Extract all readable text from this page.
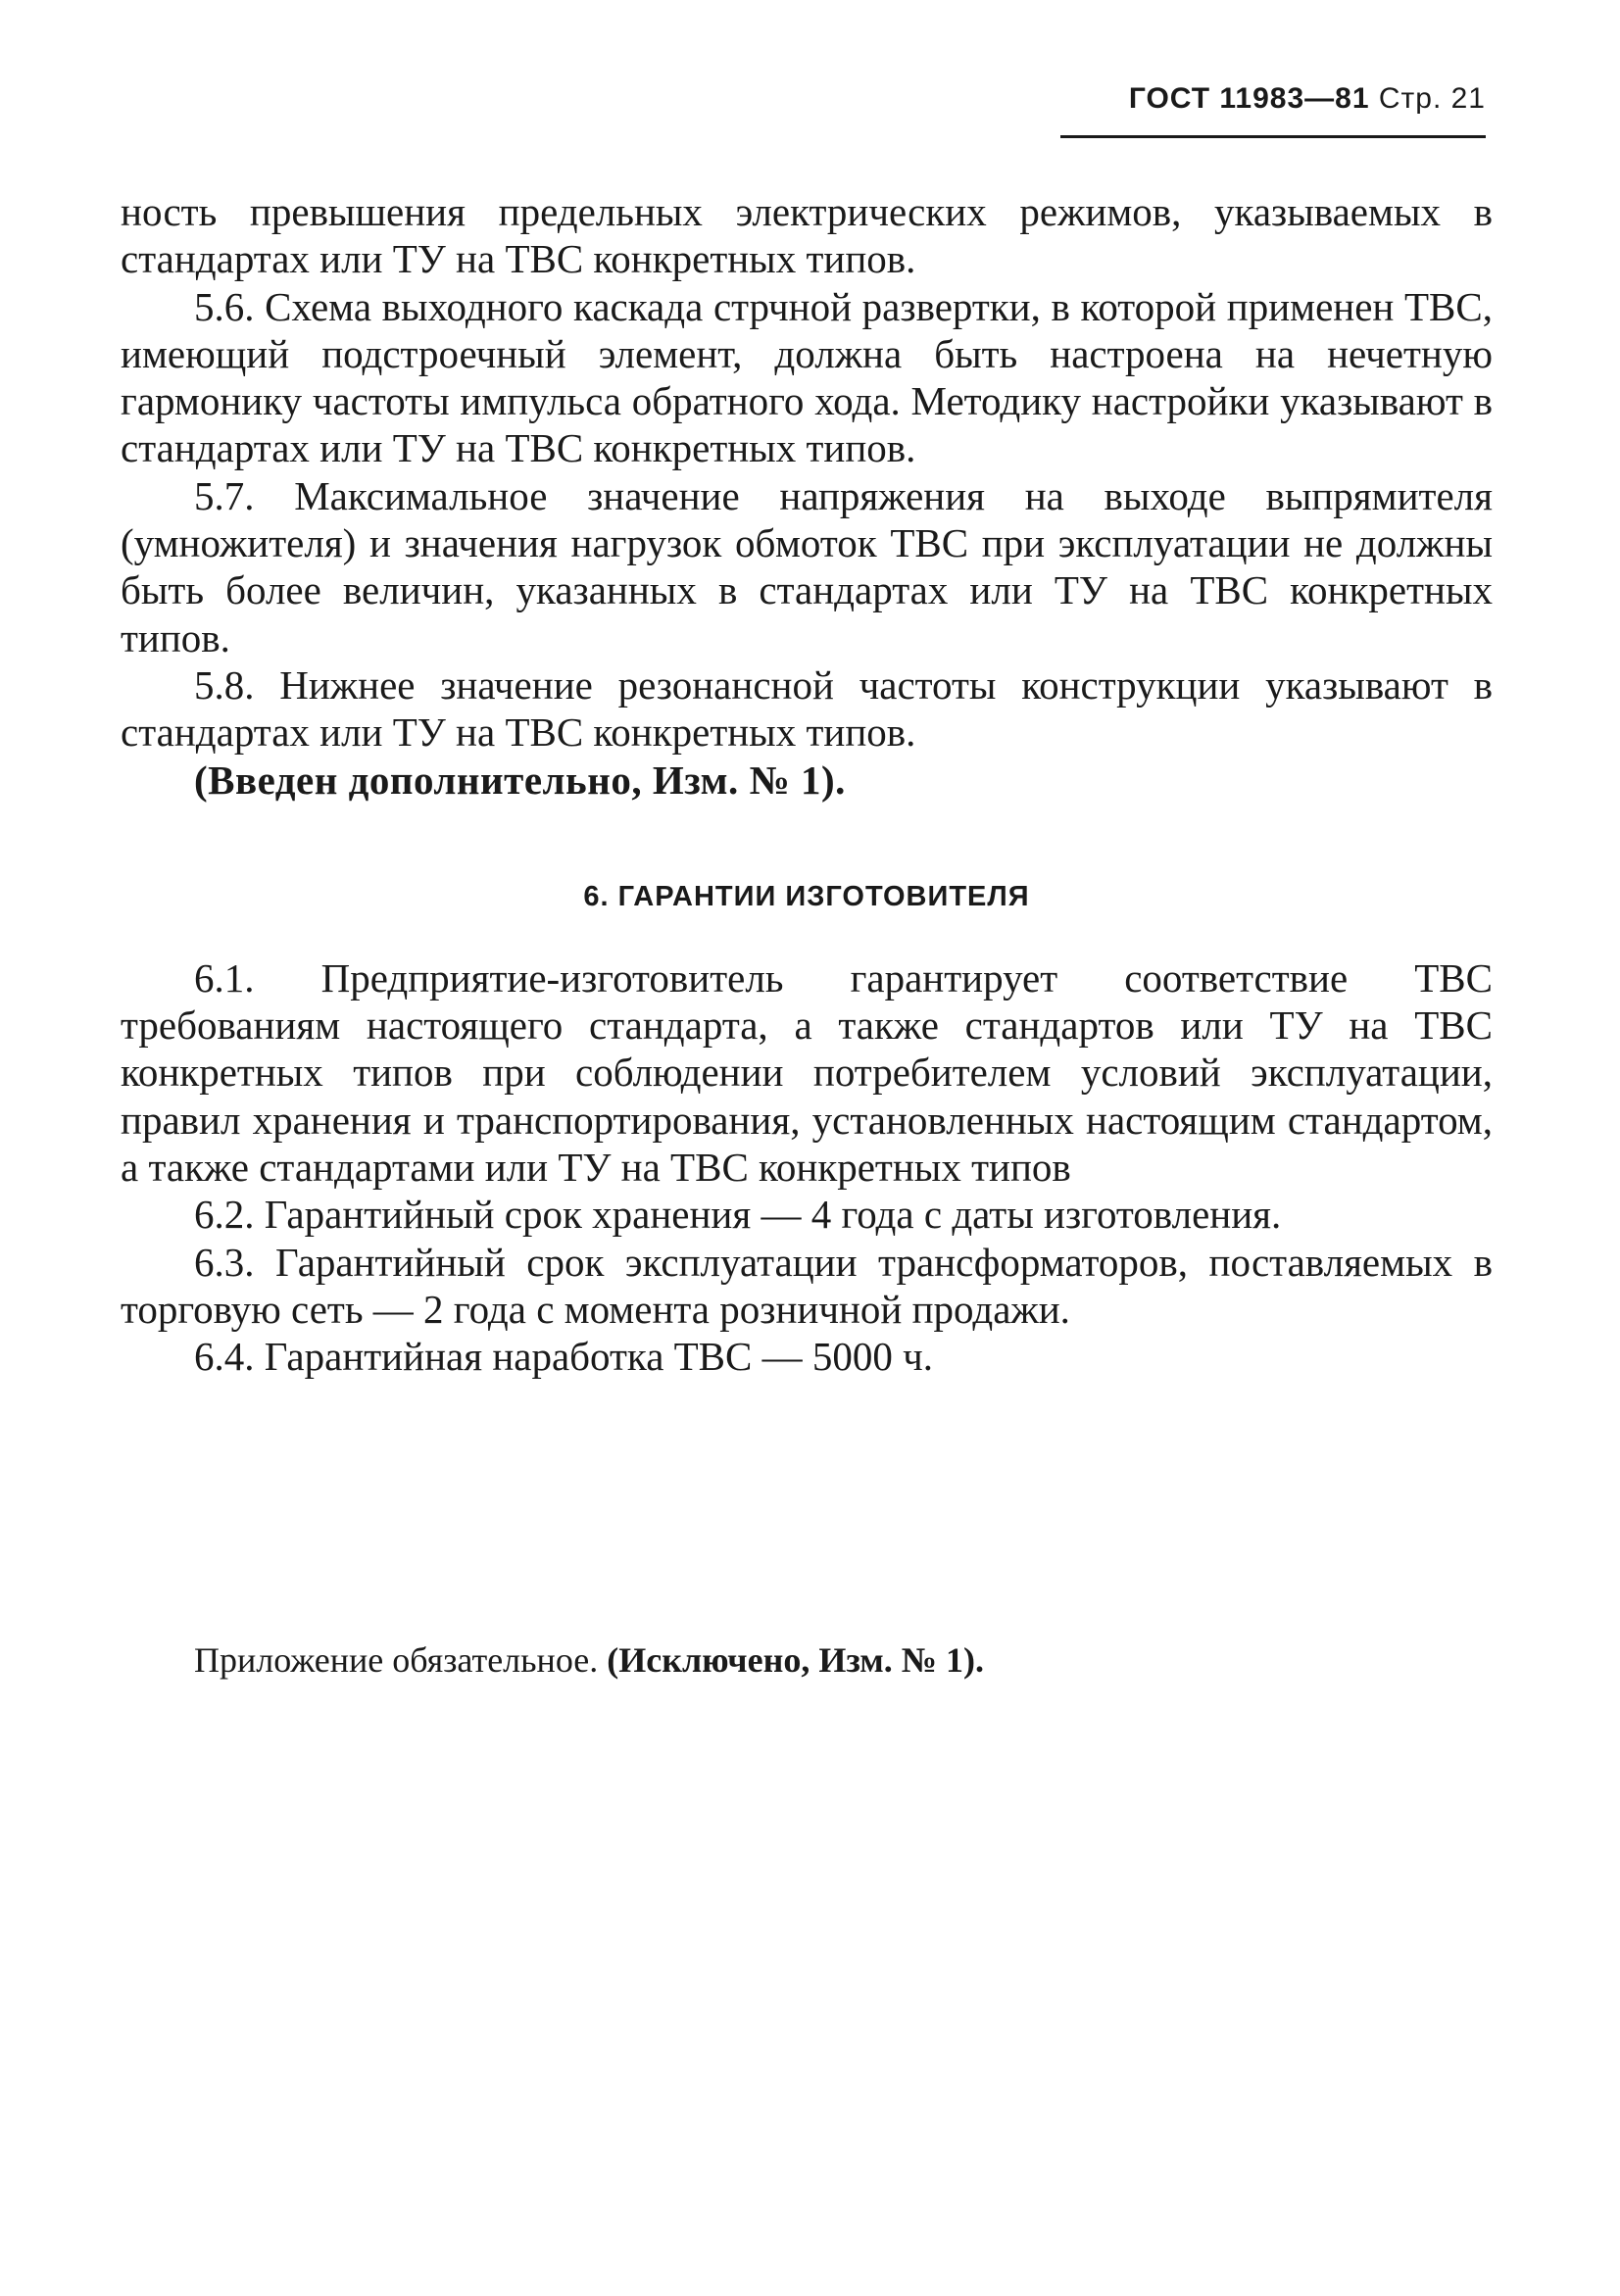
ГОСТ 11983—81 Стр. 21

ность превышения предельных электрических режимов, указываемых в стандартах или ТУ на ТВС конкретных типов.

5.6. Схема выходного каскада стрчной развертки, в которой применен ТВС, имеющий подстроечный элемент, должна быть настроена на нечетную гармонику частоты импульса обратного хода. Методику настройки указывают в стандартах или ТУ на ТВС конкретных типов.

5.7. Максимальное значение напряжения на выходе выпрямителя (умножителя) и значения нагрузок обмоток ТВС при эксплуатации не должны быть более величин, указанных в стандартах или ТУ на ТВС конкретных типов.

5.8. Нижнее значение резонансной частоты конструкции указывают в стандартах или ТУ на ТВС конкретных типов.

(Введен дополнительно, Изм. № 1).

6. ГАРАНТИИ ИЗГОТОВИТЕЛЯ

6.1. Предприятие-изготовитель гарантирует соответствие ТВС требованиям настоящего стандарта, а также стандартов или ТУ на ТВС конкретных типов при соблюдении потребителем условий эксплуатации, правил хранения и транспортирования, установленных настоящим стандартом, а также стандартами или ТУ на ТВС конкретных типов

6.2. Гарантийный срок хранения — 4 года с даты изготовления.

6.3. Гарантийный срок эксплуатации трансформаторов, поставляемых в торговую сеть — 2 года с момента розничной продажи.

6.4. Гарантийная наработка ТВС — 5000 ч.

Приложение обязательное. (Исключено, Изм. № 1).
